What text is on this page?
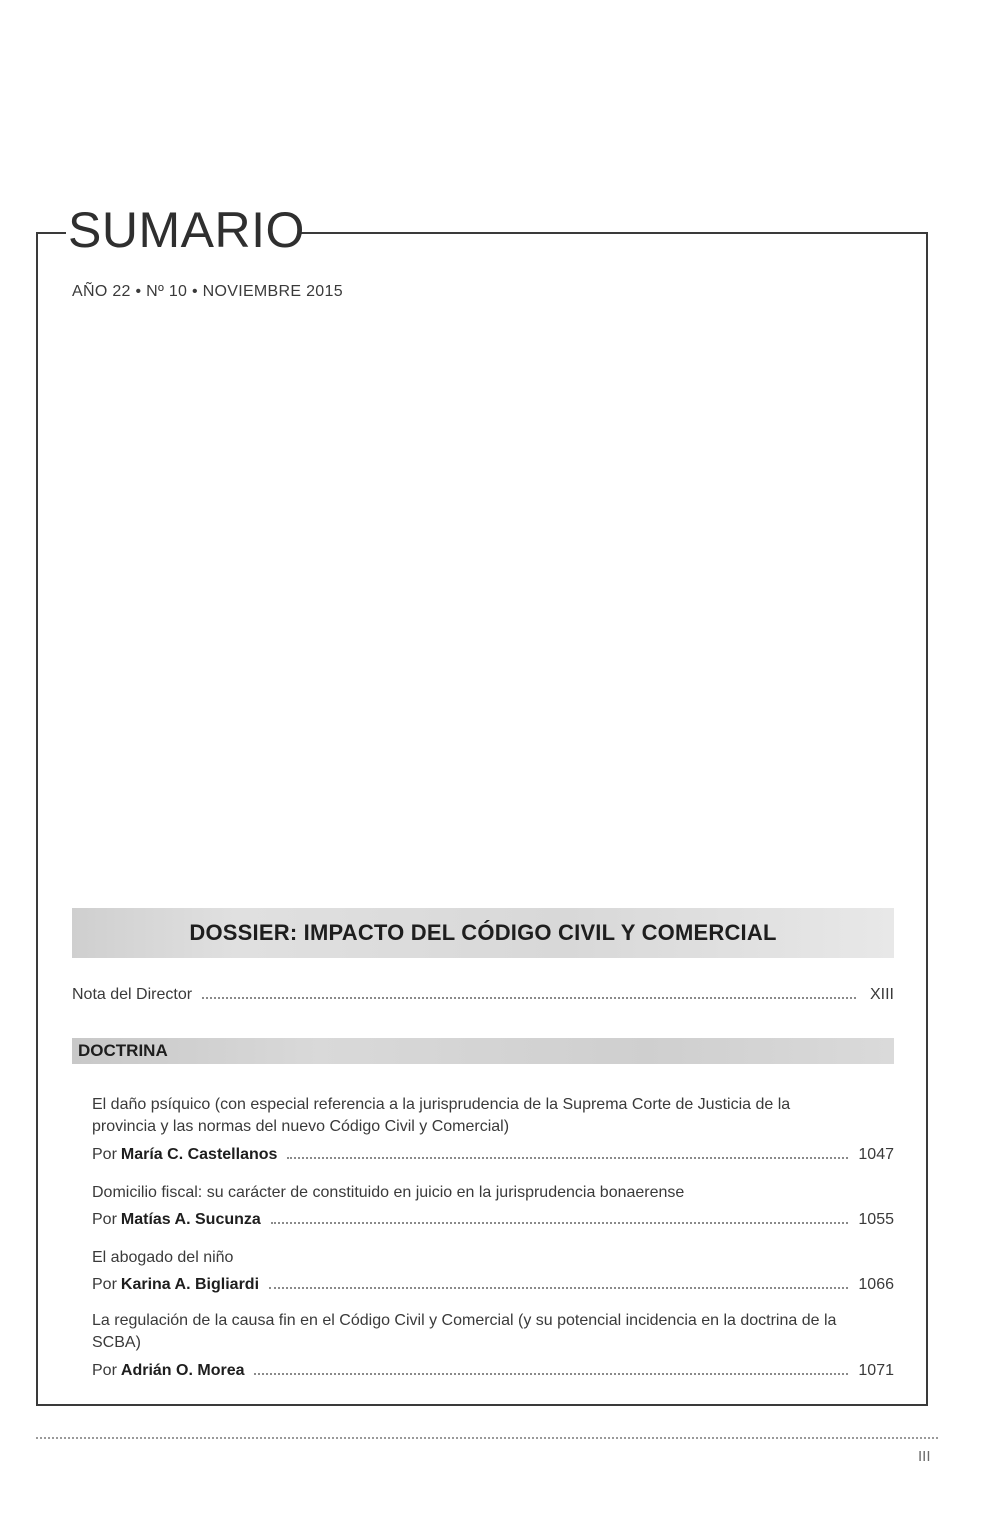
SUMARIO
AÑO 22 • Nº 10 • NOVIEMBRE 2015
DOSSIER: IMPACTO DEL CÓDIGO CIVIL Y COMERCIAL
Nota del Director	XIII
DOCTRINA
El daño psíquico (con especial referencia a la jurisprudencia de la Suprema Corte de Justicia de la provincia y las normas del nuevo Código Civil y Comercial)
Por María C. Castellanos	1047
Domicilio fiscal: su carácter de constituido en juicio en la jurisprudencia bonaerense
Por Matías A. Sucunza	1055
El abogado del niño
Por Karina A. Bigliardi	1066
La regulación de la causa fin en el Código Civil y Comercial (y su potencial incidencia en la doctrina de la SCBA)
Por Adrián O. Morea	1071
III
